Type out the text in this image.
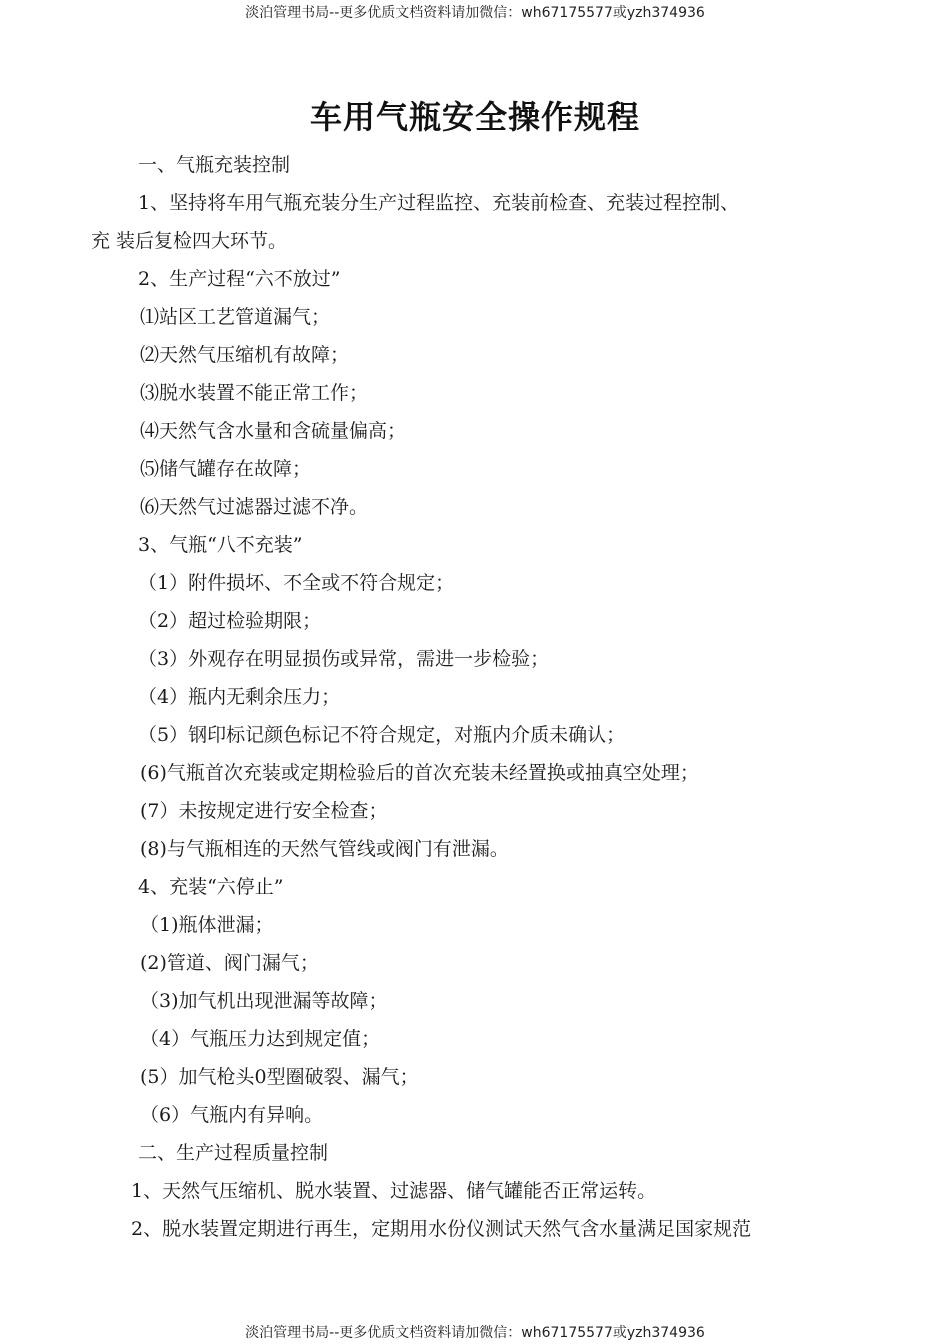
淡泊管理书局--更多优质文档资料请加微信：wh67175577或yzh374936
车用气瓶安全操作规程
一、气瓶充装控制
1、坚持将车用气瓶充装分生产过程监控、充装前检查、充装过程控制、
充 装后复检四大环节。
2、生产过程“六不放过”
⑴站区工艺管道漏气；
⑵天然气压缩机有故障；
⑶脱水装置不能正常工作；
⑷天然气含水量和含硫量偏高；
⑸储气罐存在故障；
⑹天然气过滤器过滤不净。
3、气瓶“八不充装”
（1）附件损坏、不全或不符合规定；
（2）超过检验期限；
（3）外观存在明显损伤或异常，需进一步检验；
（4）瓶内无剩余压力；
（5）钢印标记颜色标记不符合规定，对瓶内介质未确认；
(6)气瓶首次充装或定期检验后的首次充装未经置换或抽真空处理；
(7）未按规定进行安全检查；
(8)与气瓶相连的天然气管线或阀门有泄漏。
4、充装“六停止”
（1)瓶体泄漏；
(2)管道、阀门漏气；
（3)加气机出现泄漏等故障；
（4）气瓶压力达到规定值；
(5）加气枪头0型圈破裂、漏气；
（6）气瓶内有异响。
二、生产过程质量控制
1、天然气压缩机、脱水装置、过滤器、储气罐能否正常运转。
2、脱水装置定期进行再生，定期用水份仪测试天然气含水量满足国家规范
淡泊管理书局--更多优质文档资料请加微信：wh67175577或yzh374936
